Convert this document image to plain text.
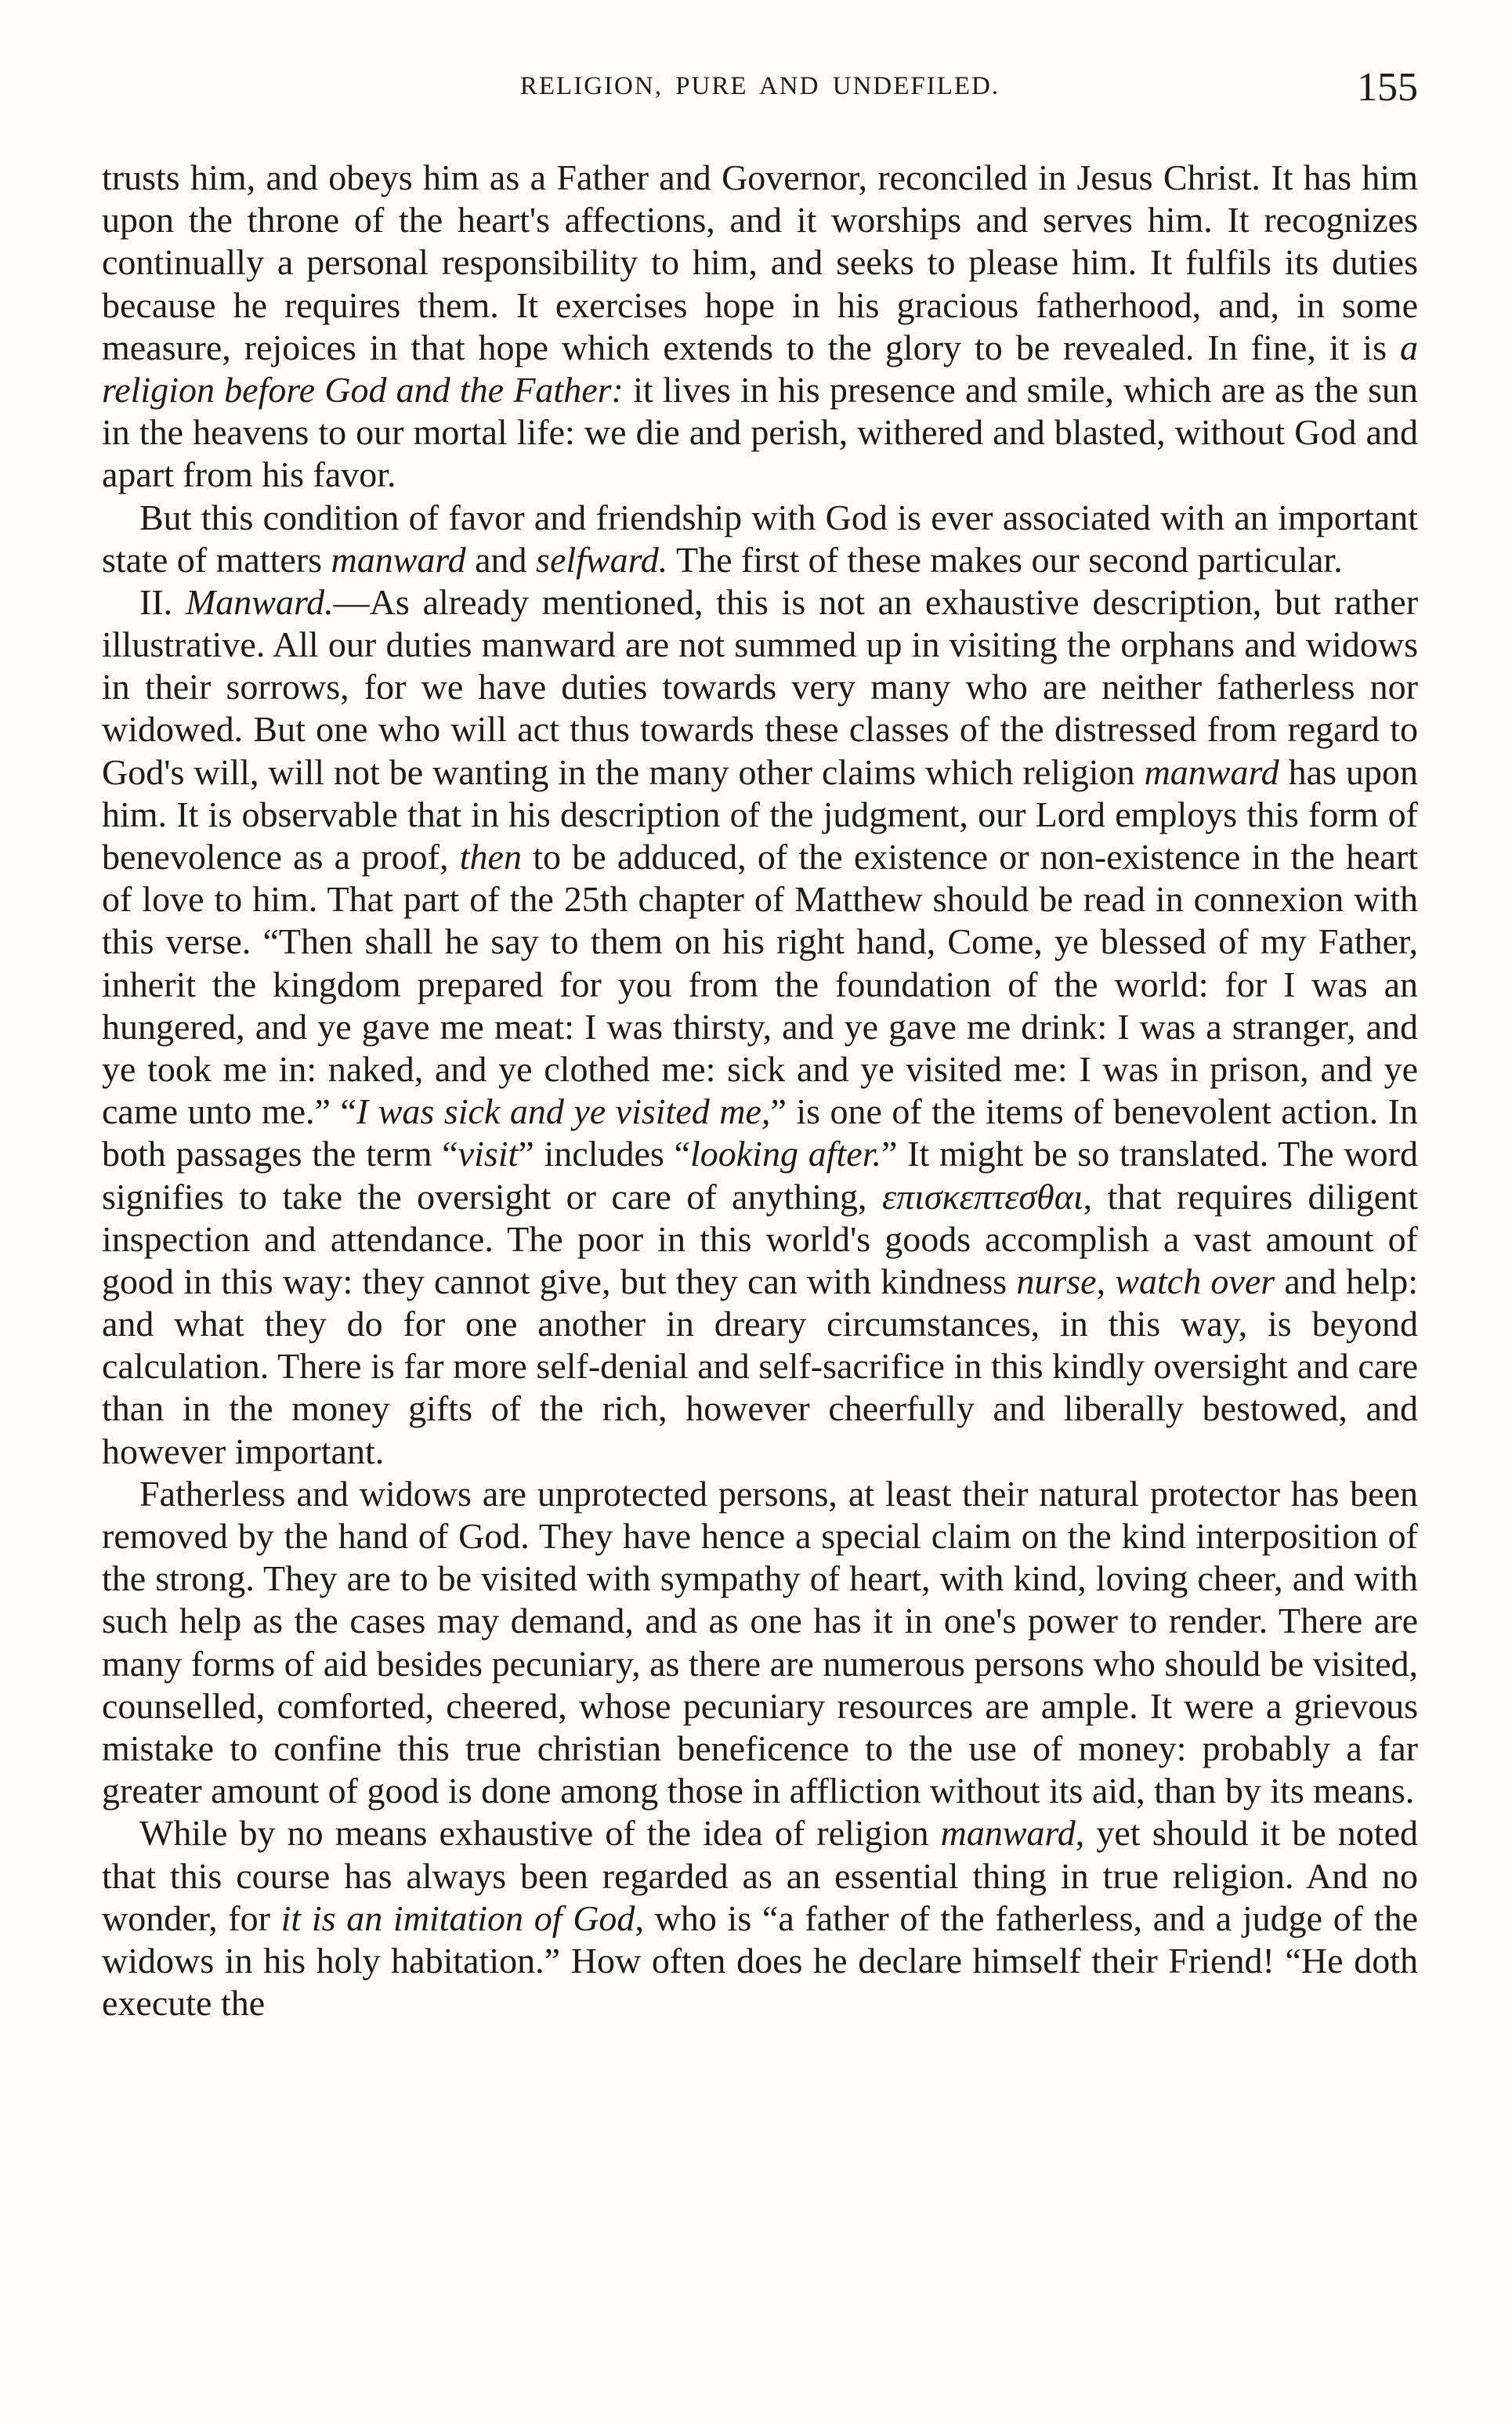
RELIGION, PURE AND UNDEFILED.	155

trusts him, and obeys him as a Father and Governor, reconciled in Jesus Christ. It has him upon the throne of the heart's affections, and it worships and serves him. It recognizes continually a personal responsibility to him, and seeks to please him. It fulfils its duties because he requires them. It exercises hope in his gracious fatherhood, and, in some measure, rejoices in that hope which extends to the glory to be revealed. In fine, it is a religion before God and the Father: it lives in his presence and smile, which are as the sun in the heavens to our mortal life: we die and perish, withered and blasted, without God and apart from his favor.

But this condition of favor and friendship with God is ever associated with an important state of matters manward and selfward. The first of these makes our second particular.

II. Manward.—As already mentioned, this is not an exhaustive description, but rather illustrative. All our duties manward are not summed up in visiting the orphans and widows in their sorrows, for we have duties towards very many who are neither fatherless nor widowed. But one who will act thus towards these classes of the distressed from regard to God's will, will not be wanting in the many other claims which religion manward has upon him. It is observable that in his description of the judgment, our Lord employs this form of benevolence as a proof, then to be adduced, of the existence or non-existence in the heart of love to him. That part of the 25th chapter of Matthew should be read in connexion with this verse. “Then shall he say to them on his right hand, Come, ye blessed of my Father, inherit the kingdom prepared for you from the foundation of the world: for I was an hungered, and ye gave me meat: I was thirsty, and ye gave me drink: I was a stranger, and ye took me in: naked, and ye clothed me: sick and ye visited me: I was in prison, and ye came unto me.” “I was sick and ye visited me,” is one of the items of benevolent action. In both passages the term “visit” includes “looking after.” It might be so translated. The word signifies to take the oversight or care of anything, επισκεπτεσθαι, that requires diligent inspection and attendance. The poor in this world's goods accomplish a vast amount of good in this way: they cannot give, but they can with kindness nurse, watch over and help: and what they do for one another in dreary circumstances, in this way, is beyond calculation. There is far more self-denial and self-sacrifice in this kindly oversight and care than in the money gifts of the rich, however cheerfully and liberally bestowed, and however important.

Fatherless and widows are unprotected persons, at least their natural protector has been removed by the hand of God. They have hence a special claim on the kind interposition of the strong. They are to be visited with sympathy of heart, with kind, loving cheer, and with such help as the cases may demand, and as one has it in one's power to render. There are many forms of aid besides pecuniary, as there are numerous persons who should be visited, counselled, comforted, cheered, whose pecuniary resources are ample. It were a grievous mistake to confine this true christian beneficence to the use of money: probably a far greater amount of good is done among those in affliction without its aid, than by its means.

While by no means exhaustive of the idea of religion manward, yet should it be noted that this course has always been regarded as an essential thing in true religion. And no wonder, for it is an imitation of God, who is “a father of the fatherless, and a judge of the widows in his holy habitation.” How often does he declare himself their Friend! “He doth execute the
